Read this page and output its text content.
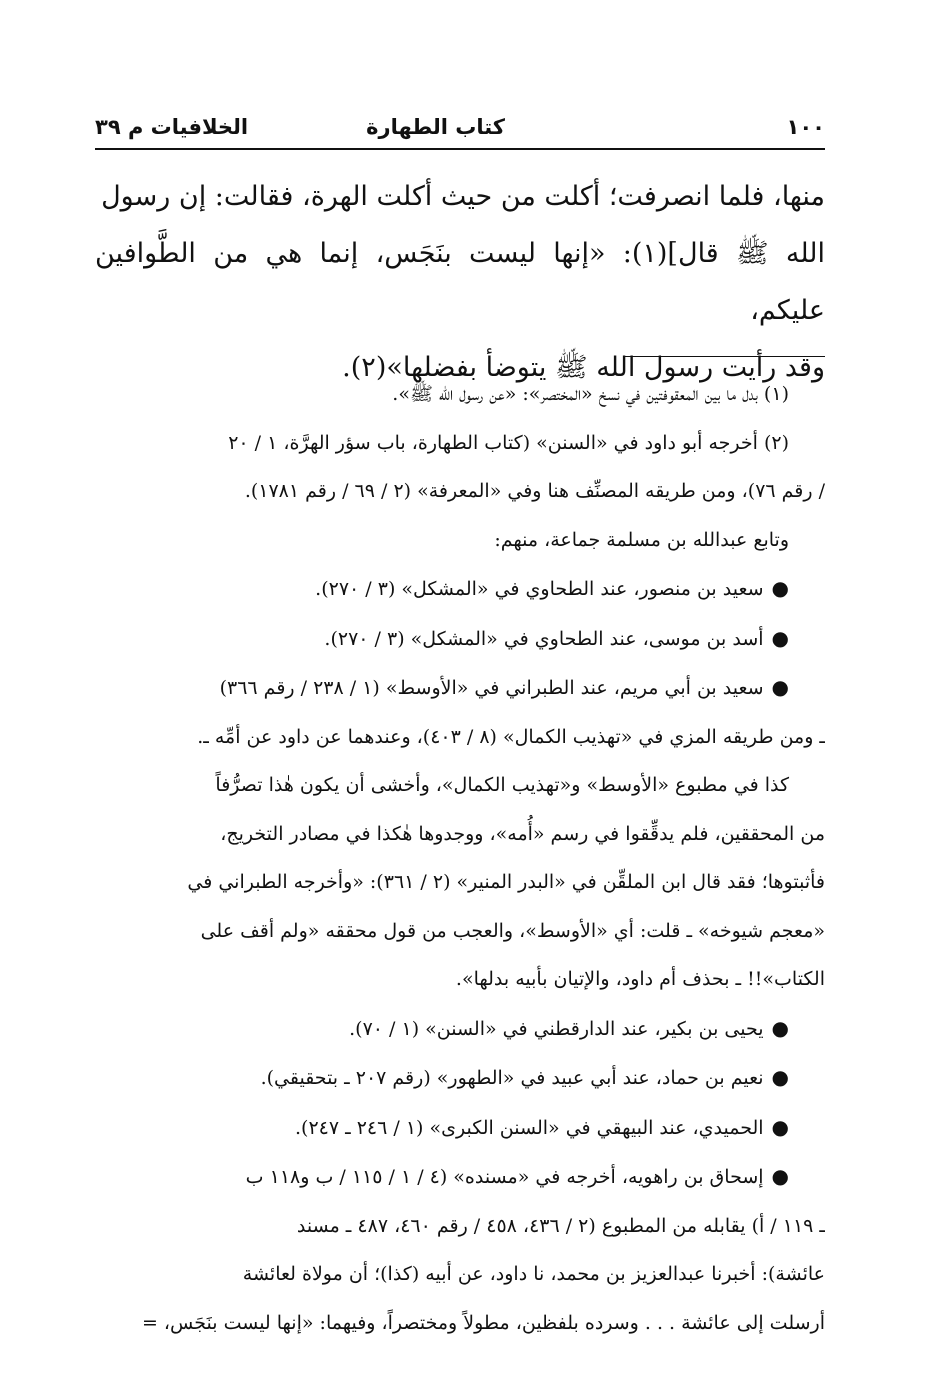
١٠٠
كتاب الطهارة
الخلافيات م ٣٩

منها، فلما انصرفت؛ أكلت من حيث أكلت الهرة، فقالت: إن رسول

الله ﷺ قال](١): «إنها ليست بنَجَس، إنما هي من الطَّوافين عليكم،

وقد رأيت رسول الله ﷺ يتوضأ بفضلها»(٢).

(١) بدل ما بين المعقوفتين في نسخ «المختصر»: «عن رسول الله ﷺ».

(٢) أخرجه أبو داود في «السنن» (كتاب الطهارة، باب سؤر الهرَّة، ١ / ٢٠

/ رقم ٧٦)، ومن طريقه المصنِّف هنا وفي «المعرفة» (٢ / ٦٩ / رقم ١٧٨١).

وتابع عبدالله بن مسلمة جماعة، منهم:

●سعيد بن منصور، عند الطحاوي في «المشكل» (٣ / ٢٧٠).

●أسد بن موسى، عند الطحاوي في «المشكل» (٣ / ٢٧٠).

●سعيد بن أبي مريم، عند الطبراني في «الأوسط» (١ / ٢٣٨ / رقم ٣٦٦)

ـ ومن طريقه المزي في «تهذيب الكمال» (٨ / ٤٠٣)، وعندهما عن داود عن أمِّه ـ.

كذا في مطبوع «الأوسط» و«تهذيب الكمال»، وأخشى أن يكون هٰذا تصرُّفاً

من المحققين، فلم يدقِّقوا في رسم «أُمه»، ووجدوها هٰكذا في مصادر التخريج،

فأثبتوها؛ فقد قال ابن الملقِّن في «البدر المنير» (٢ / ٣٦١): «وأخرجه الطبراني في

«معجم شيوخه» ـ قلت: أي «الأوسط»، والعجب من قول محققه «ولم أقف على

الكتاب»!! ـ بحذف أم داود، والإتيان بأبيه بدلها».

●يحيى بن بكير، عند الدارقطني في «السنن» (١ / ٧٠).

●نعيم بن حماد، عند أبي عبيد في «الطهور» (رقم ٢٠٧ ـ بتحقيقي).

●الحميدي، عند البيهقي في «السنن الكبرى» (١ / ٢٤٦ ـ ٢٤٧).

●إسحاق بن راهويه، أخرجه في «مسنده» (٤ / ١ / ١١٥ / ب و١١٨ ب

ـ ١١٩ / أ) يقابله من المطبوع (٢ / ٤٣٦، ٤٥٨ / رقم ٤٦٠، ٤٨٧ ـ مسند

عائشة): أخبرنا عبدالعزيز بن محمد، نا داود، عن أبيه (كذا)؛ أن مولاة لعائشة

أرسلت إلى عائشة . . . وسرده بلفظين، مطولاً ومختصراً، وفيهما: «إنها ليست بنَجَس، =
